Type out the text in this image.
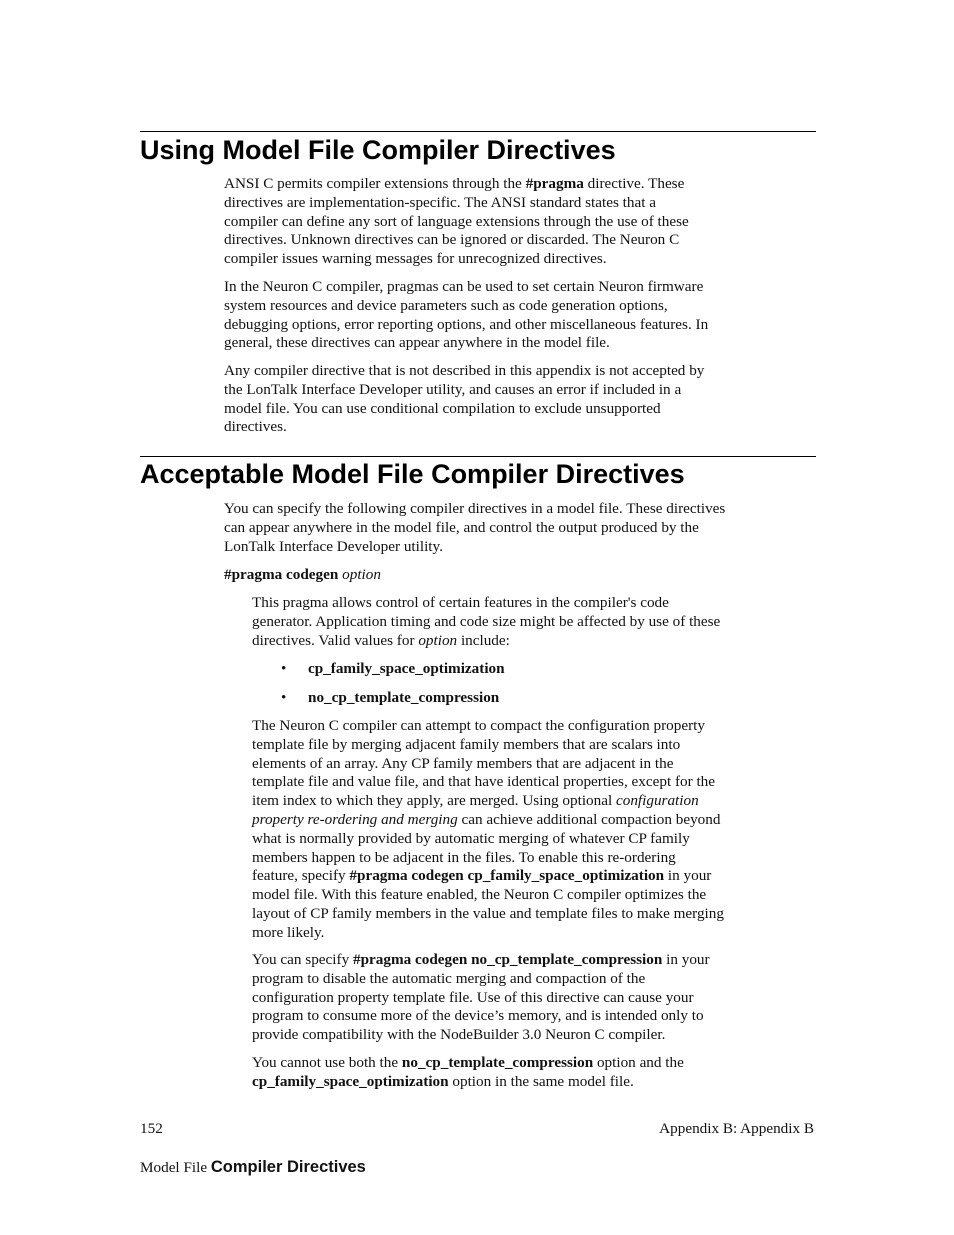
Using Model File Compiler Directives
ANSI C permits compiler extensions through the #pragma directive. These
directives are implementation-specific. The ANSI standard states that a
compiler can define any sort of language extensions through the use of these
directives. Unknown directives can be ignored or discarded. The Neuron C
compiler issues warning messages for unrecognized directives.
In the Neuron C compiler, pragmas can be used to set certain Neuron firmware
system resources and device parameters such as code generation options,
debugging options, error reporting options, and other miscellaneous features. In
general, these directives can appear anywhere in the model file.
Any compiler directive that is not described in this appendix is not accepted by
the LonTalk Interface Developer utility, and causes an error if included in a
model file. You can use conditional compilation to exclude unsupported
directives.
Acceptable Model File Compiler Directives
You can specify the following compiler directives in a model file. These directives
can appear anywhere in the model file, and control the output produced by the
LonTalk Interface Developer utility.
#pragma codegen option
This pragma allows control of certain features in the compiler's code
generator. Application timing and code size might be affected by use of these
directives. Valid values for option include:
• cp_family_space_optimization
• no_cp_template_compression
The Neuron C compiler can attempt to compact the configuration property
template file by merging adjacent family members that are scalars into
elements of an array. Any CP family members that are adjacent in the
template file and value file, and that have identical properties, except for the
item index to which they apply, are merged. Using optional configuration
property re-ordering and merging can achieve additional compaction beyond
what is normally provided by automatic merging of whatever CP family
members happen to be adjacent in the files. To enable this re-ordering
feature, specify #pragma codegen cp_family_space_optimization in your
model file. With this feature enabled, the Neuron C compiler optimizes the
layout of CP family members in the value and template files to make merging
more likely.
You can specify #pragma codegen no_cp_template_compression in your
program to disable the automatic merging and compaction of the
configuration property template file. Use of this directive can cause your
program to consume more of the device’s memory, and is intended only to
provide compatibility with the NodeBuilder 3.0 Neuron C compiler.
You cannot use both the no_cp_template_compression option and the
cp_family_space_optimization option in the same model file.
152	Appendix B: Appendix B
Model File Compiler Directives
